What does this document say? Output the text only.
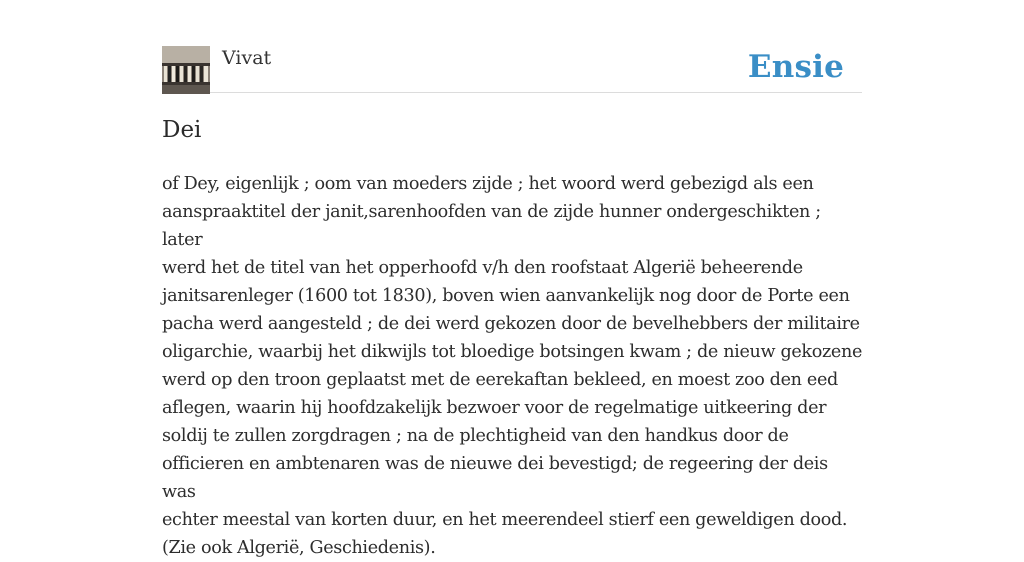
Vivat	Ensie
Dei
of Dey, eigenlijk ; oom van moeders zijde ; het woord werd gebezigd als een
aanspraaktitel der janit,sarenhoofden van de zijde hunner ondergeschikten ; later
werd het de titel van het opperhoofd v/h den roofstaat Algerië beheerende
janitsarenleger (1600 tot 1830), boven wien aanvankelijk nog door de Porte een
pacha werd aangesteld ; de dei werd gekozen door de bevelhebbers der militaire
oligarchie, waarbij het dikwijls tot bloedige botsingen kwam ; de nieuw gekozene
werd op den troon geplaatst met de eerekaftan bekleed, en moest zoo den eed
aflegen, waarin hij hoofdzakelijk bezwoer voor de regelmatige uitkeering der
soldij te zullen zorgdragen ; na de plechtigheid van den handkus door de
officieren en ambtenaren was de nieuwe dei bevestigd; de regeering der deis was
echter meestal van korten duur, en het meerendeel stierf een geweldigen dood.
(Zie ook Algerië, Geschiedenis).
